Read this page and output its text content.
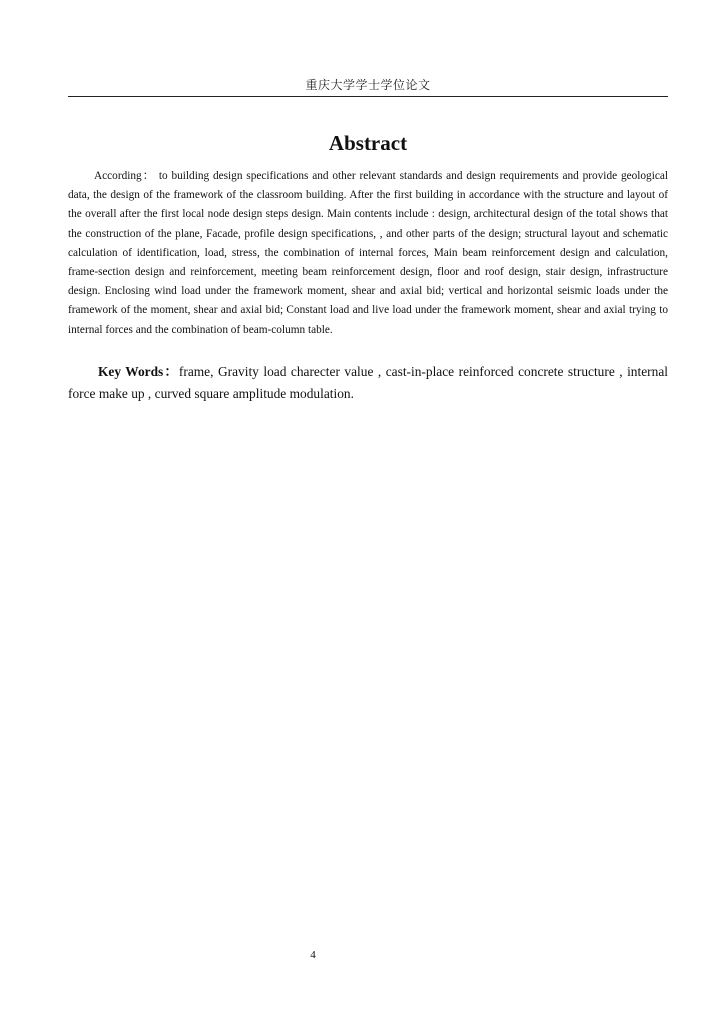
重庆大学学士学位论文
Abstract

According： to building design specifications and other relevant standards and design requirements and provide geological data, the design of the framework of the classroom building. After the first building in accordance with the structure and layout of the overall after the first local node design steps design. Main contents include : design, architectural design of the total shows that the construction of the plane, Facade, profile design specifications, , and other parts of the design; structural layout and schematic calculation of identification, load, stress, the combination of internal forces, Main beam reinforcement design and calculation, frame-section design and reinforcement, meeting beam reinforcement design, floor and roof design, stair design, infrastructure design. Enclosing wind load under the framework moment, shear and axial bid; vertical and horizontal seismic loads under the framework of the moment, shear and axial bid; Constant load and live load under the framework moment, shear and axial trying to internal forces and the combination of beam-column table.

Key Words：frame, Gravity load charecter value , cast-in-place reinforced concrete structure , internal force make up , curved square amplitude modulation.

4
